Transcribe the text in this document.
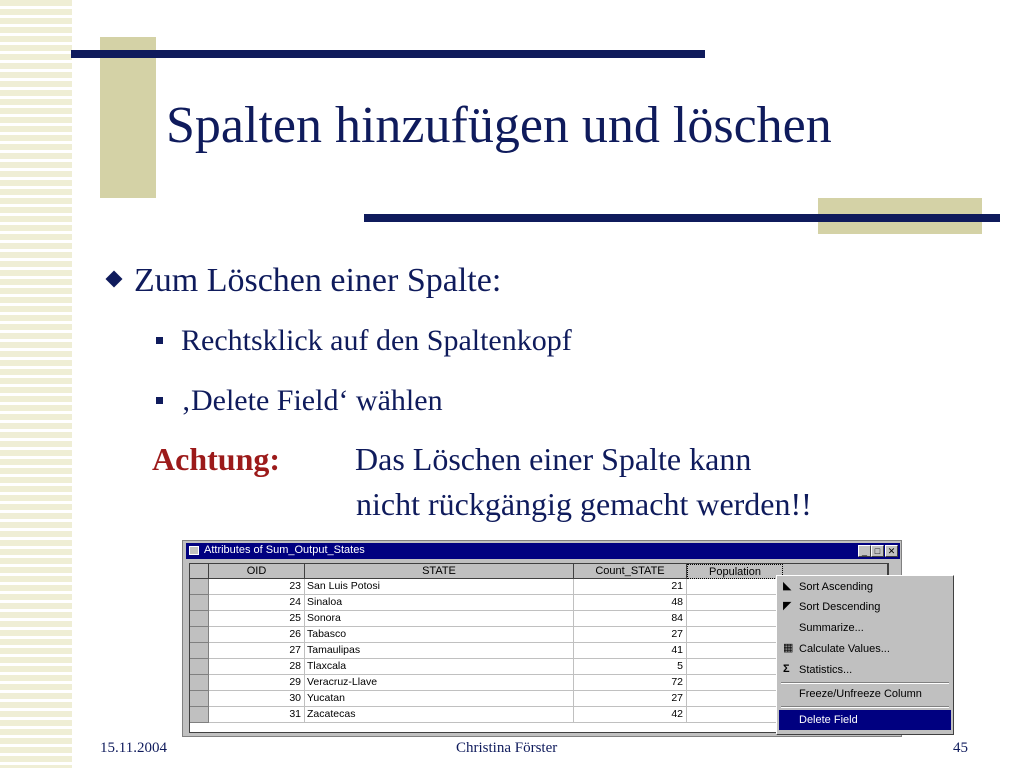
Spalten hinzufügen und löschen
Zum Löschen einer Spalte:
Rechtsklick auf den Spaltenkopf
‚Delete Field‘ wählen
Achtung: Das Löschen einer Spalte kann
nicht rückgängig gemacht werden!!
Attributes of Sum_Output_States	_ □ ✕
OID	STATE	Count_STATE	Population
23 San Luis Potosi	21
24 Sinaloa	48
25 Sonora	84
26 Tabasco	27
27 Tamaulipas	41
28 Tlaxcala	5
29 Veracruz-Llave	72
30 Yucatan	27
31 Zacatecas	42
◣ Sort Ascending
◤ Sort Descending
Summarize...
▦ Calculate Values...
Σ Statistics...
Freeze/Unfreeze Column
Delete Field
15.11.2004	Christina Förster	45
